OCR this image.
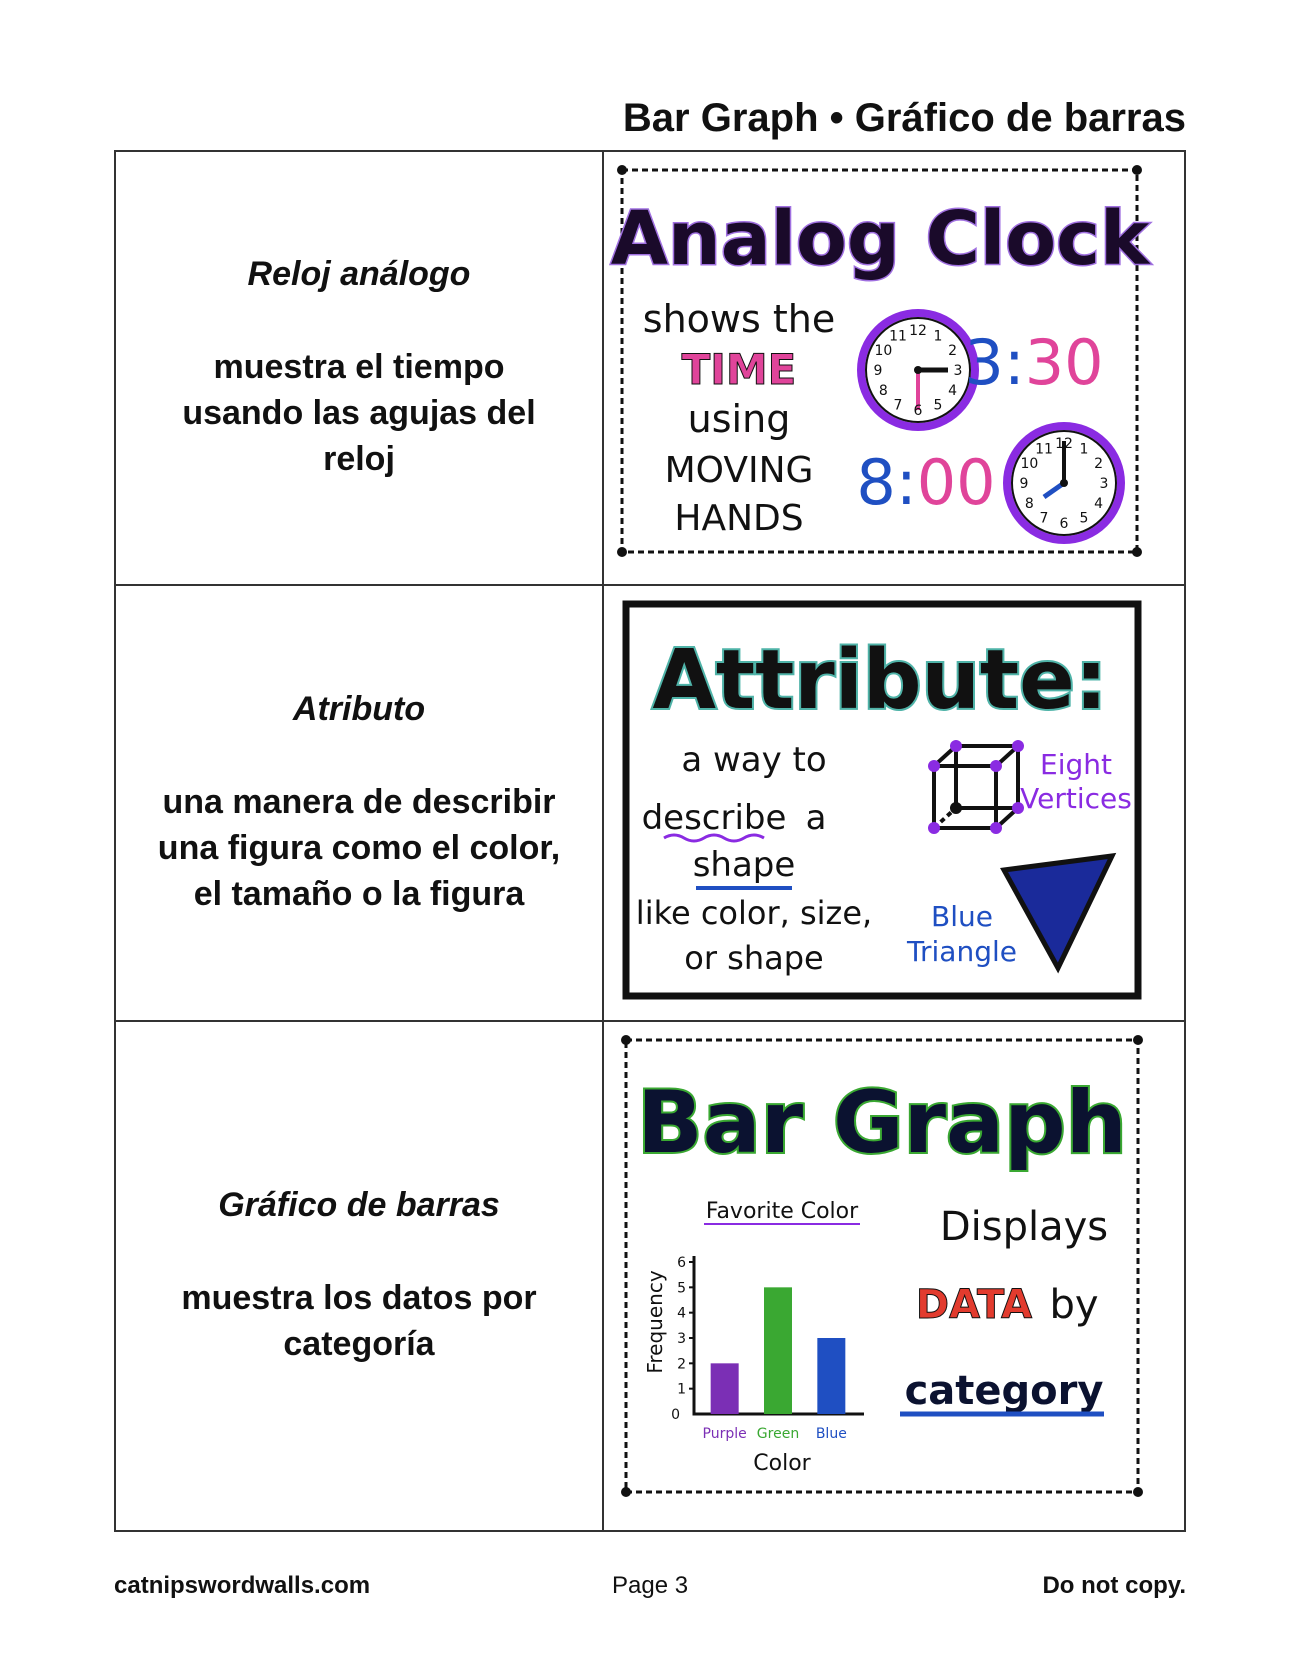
Bar Graph • Gráfico de barras
Reloj análogo
muestra el tiempo
usando las agujas del
reloj
Analog Clock
shows the
TIME
using
MOVING
HANDS
12 1
2
3
4
5
6
7
8
9
10
11 3:30
12 1
2
3
4
5
6
7
8
9
10
11
8:00
Atributo
una manera de describir
una figura como el color,
el tamaño o la figura
Attribute:
a way to
describe a
shape
like color, size,
or shape
Eight
Vertices
Blue
Triangle
Gráfico de barras
muestra los datos por
categoría
Bar Graph
Displays
DATA by
category
Favorite Color
Color
Frequency
0
1
2
3
4
5
6
Purple Green Blue
catnipswordwalls.com	Page 3	Do not copy.
